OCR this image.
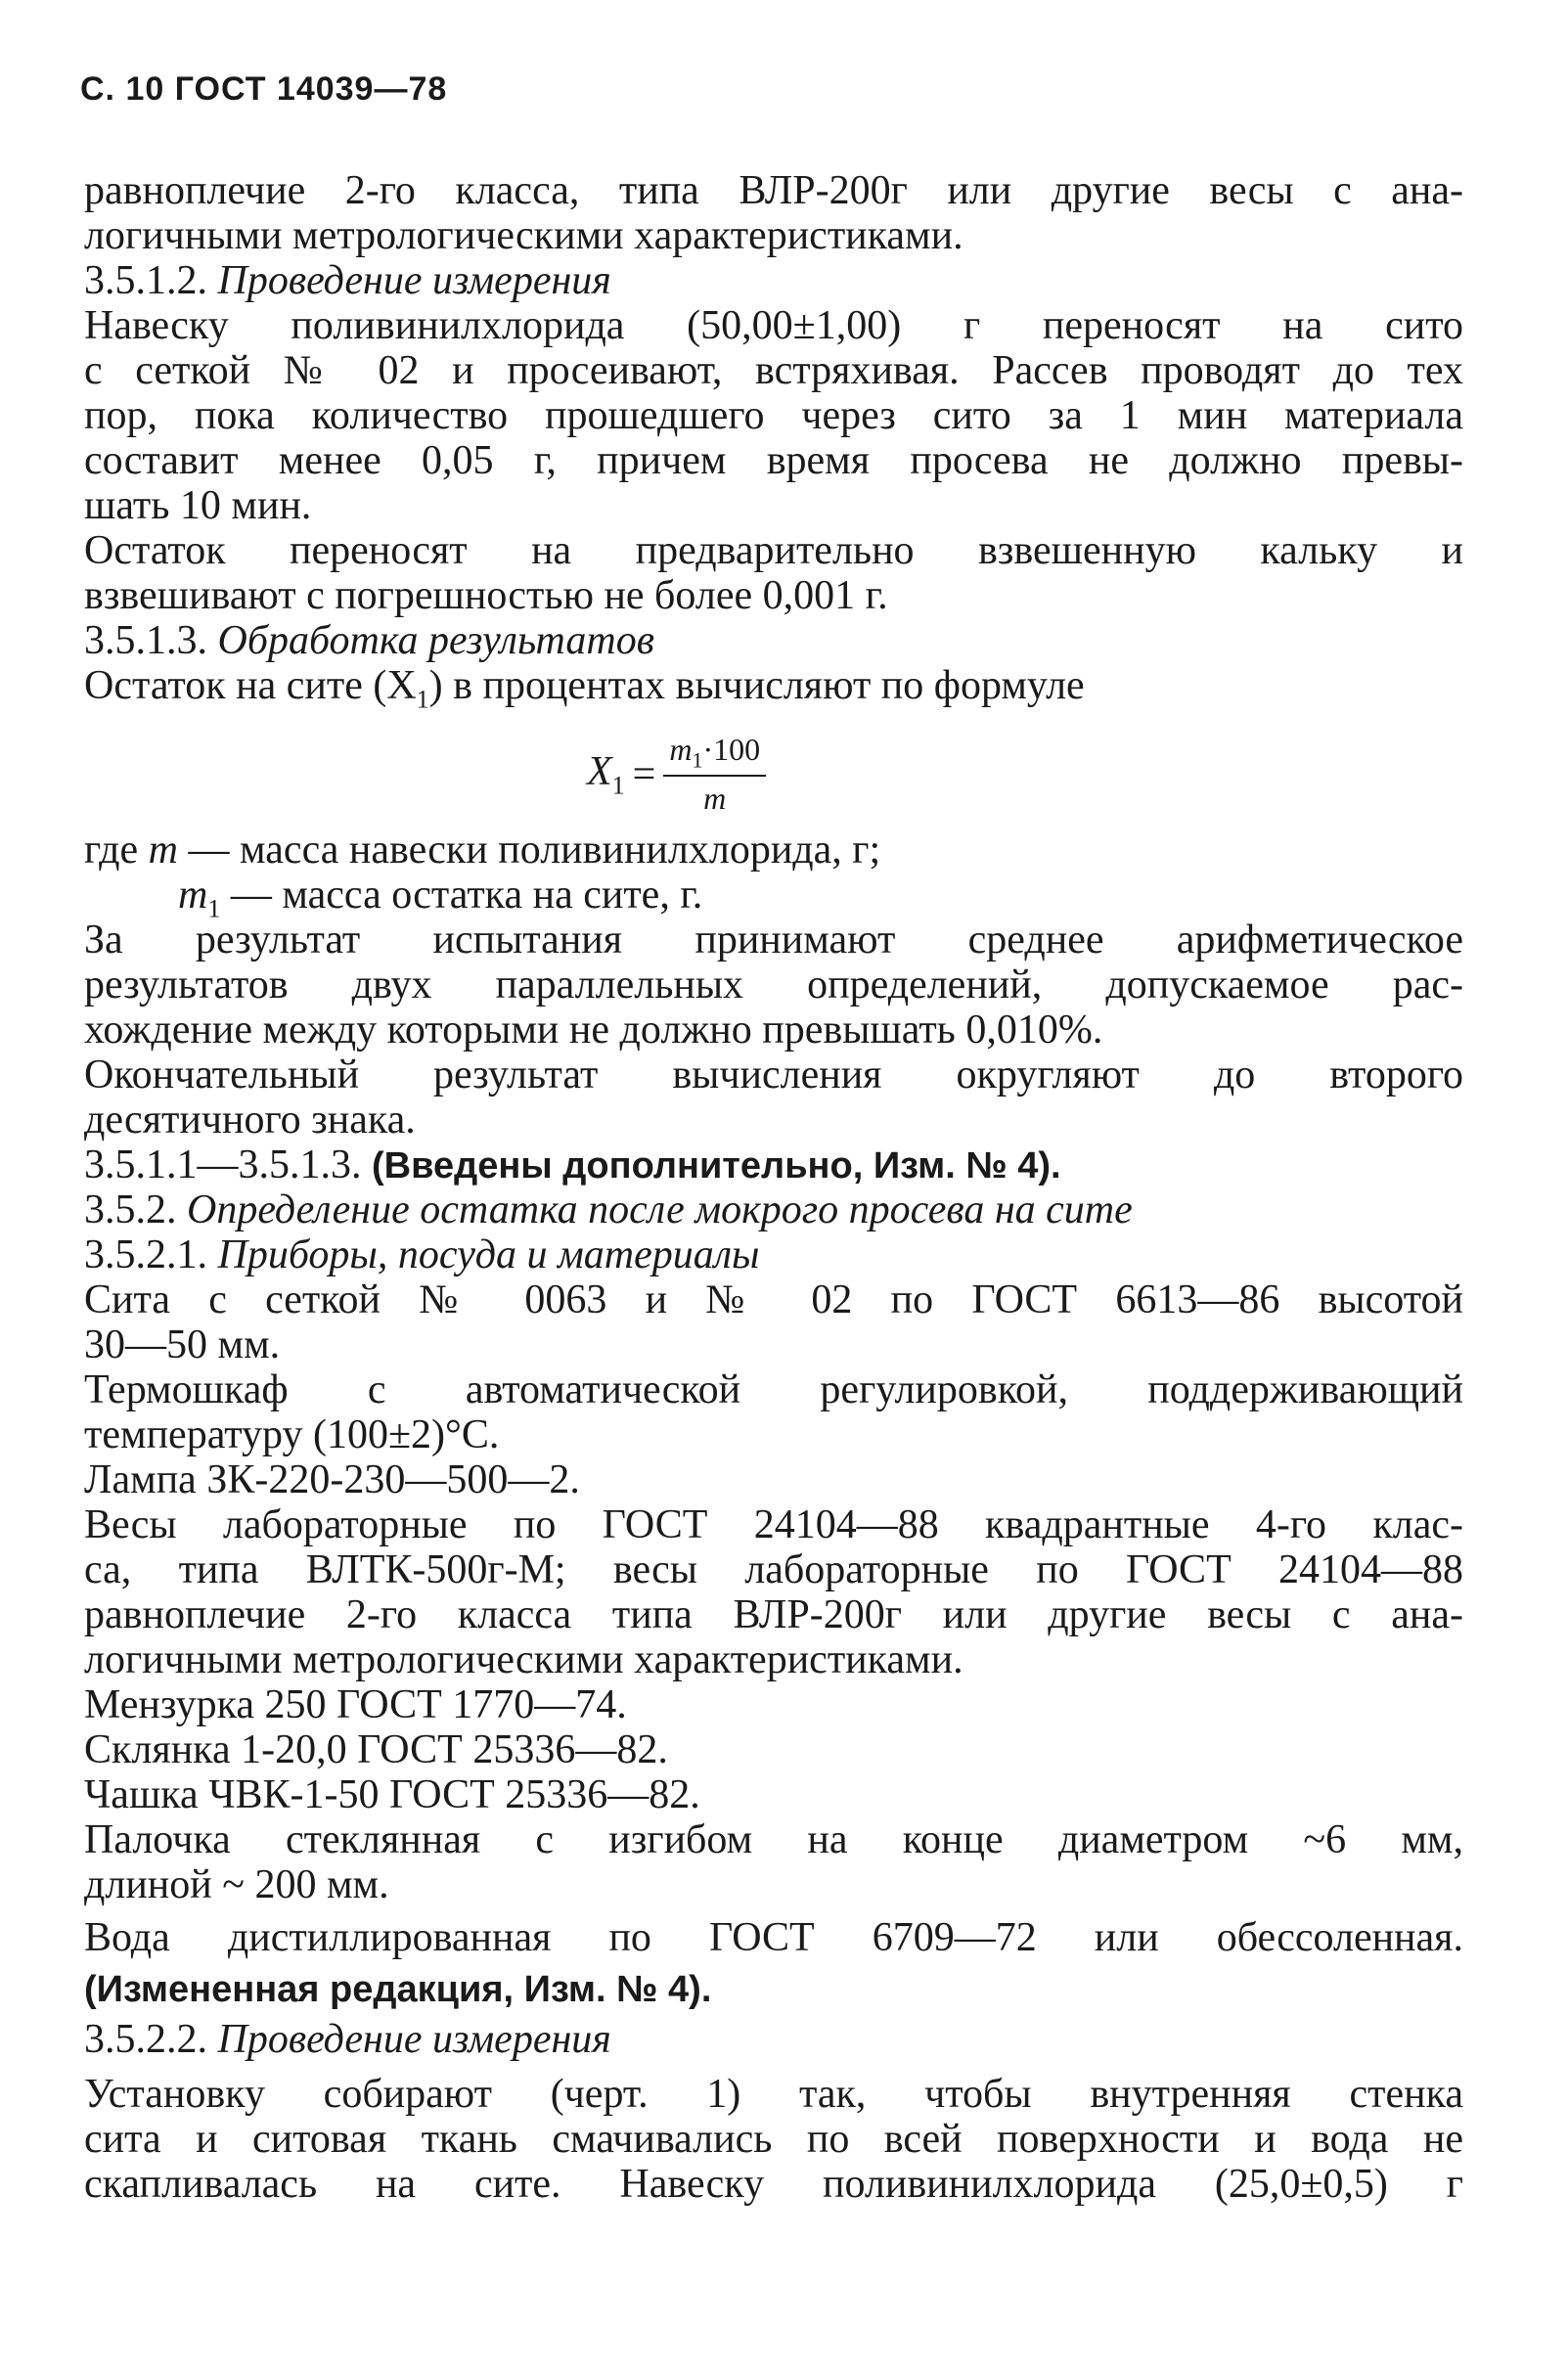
С. 10 ГОСТ 14039—78
равноплечие 2-го класса, типа ВЛР-200г или другие весы с ана-
логичными метрологическими характеристиками.
3.5.1.2. Проведение измерения
Навеску поливинилхлорида (50,00±1,00) г переносят на сито
с сеткой № 02 и просеивают, встряхивая. Рассев проводят до тех
пор, пока количество прошедшего через сито за 1 мин материала
составит менее 0,05 г, причем время просева не должно превы-
шать 10 мин.
Остаток переносят на предварительно взвешенную кальку и
взвешивают с погрешностью не более 0,001 г.
3.5.1.3. Обработка результатов
Остаток на сите $(X_1)$ в процентах вычисляют по формуле
$X_1 = \frac{m_1\cdot 100}{m}$
где m — масса навески поливинилхлорида, г;
$m_1$ — масса остатка на сите, г.
За результат испытания принимают среднее арифметическое
результатов двух параллельных определений, допускаемое рас-
хождение между которыми не должно превышать 0,010%.
Окончательный результат вычисления округляют до второго
десятичного знака.
3.5.1.1—3.5.1.3. (Введены дополнительно, Изм. № 4).
3.5.2. Определение остатка после мокрого просева на сите
3.5.2.1. Приборы, посуда и материалы
Сита с сеткой № 0063 и № 02 по ГОСТ 6613—86 высотой
30—50 мм.
Термошкаф с автоматической регулировкой, поддерживающий
температуру (100±2)°С.
Лампа ЗК-220-230—500—2.
Весы лабораторные по ГОСТ 24104—88 квадрантные 4-го клас-
са, типа ВЛТК-500г-М; весы лабораторные по ГОСТ 24104—88
равноплечие 2-го класса типа ВЛР-200г или другие весы с ана-
логичными метрологическими характеристиками.
Мензурка 250 ГОСТ 1770—74.
Склянка 1-20,0 ГОСТ 25336—82.
Чашка ЧВК-1-50 ГОСТ 25336—82.
Палочка стеклянная с изгибом на конце диаметром ~6 мм,
длиной ~ 200 мм.
Вода дистиллированная по ГОСТ 6709—72 или обессоленная.
(Измененная редакция, Изм. № 4).
3.5.2.2. Проведение измерения
Установку собирают (черт. 1) так, чтобы внутренняя стенка
сита и ситовая ткань смачивались по всей поверхности и вода не
скапливалась на сите. Навеску поливинилхлорида (25,0±0,5) г
